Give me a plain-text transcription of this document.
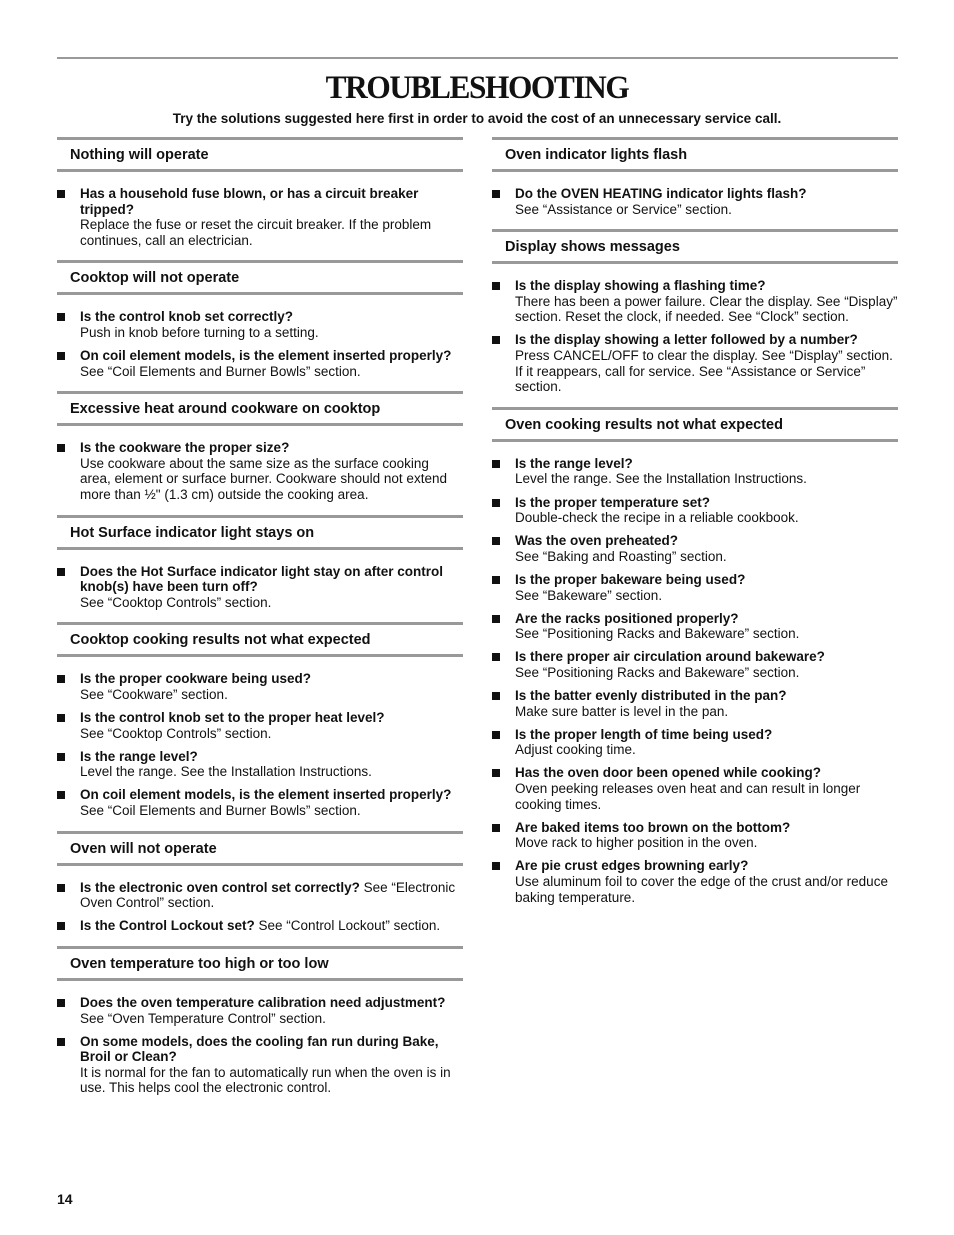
TROUBLESHOOTING

Try the solutions suggested here first in order to avoid the cost of an unnecessary service call.

Nothing will operate
Has a household fuse blown, or has a circuit breaker tripped?
Replace the fuse or reset the circuit breaker. If the problem continues, call an electrician.
Cooktop will not operate
Is the control knob set correctly?
Push in knob before turning to a setting.
On coil element models, is the element inserted properly?
See “Coil Elements and Burner Bowls” section.
Excessive heat around cookware on cooktop
Is the cookware the proper size?
Use cookware about the same size as the surface cooking area, element or surface burner. Cookware should not extend more than ½" (1.3 cm) outside the cooking area.
Hot Surface indicator light stays on
Does the Hot Surface indicator light stay on after control knob(s) have been turn off?
See “Cooktop Controls” section.
Cooktop cooking results not what expected
Is the proper cookware being used?
See “Cookware” section.
Is the control knob set to the proper heat level?
See “Cooktop Controls” section.
Is the range level?
Level the range. See the Installation Instructions.
On coil element models, is the element inserted properly?
See “Coil Elements and Burner Bowls” section.
Oven will not operate
Is the electronic oven control set correctly? See “Electronic Oven Control” section.
Is the Control Lockout set? See “Control Lockout” section.
Oven temperature too high or too low
Does the oven temperature calibration need adjustment?
See “Oven Temperature Control” section.
On some models, does the cooling fan run during Bake, Broil or Clean?
It is normal for the fan to automatically run when the oven is in use. This helps cool the electronic control.
Oven indicator lights flash
Do the OVEN HEATING indicator lights flash?
See “Assistance or Service” section.
Display shows messages
Is the display showing a flashing time?
There has been a power failure. Clear the display. See “Display” section. Reset the clock, if needed. See “Clock” section.
Is the display showing a letter followed by a number?
Press CANCEL/OFF to clear the display. See “Display” section. If it reappears, call for service. See “Assistance or Service” section.
Oven cooking results not what expected
Is the range level?
Level the range. See the Installation Instructions.
Is the proper temperature set?
Double-check the recipe in a reliable cookbook.
Was the oven preheated?
See “Baking and Roasting” section.
Is the proper bakeware being used?
See “Bakeware” section.
Are the racks positioned properly?
See “Positioning Racks and Bakeware” section.
Is there proper air circulation around bakeware?
See “Positioning Racks and Bakeware” section.
Is the batter evenly distributed in the pan?
Make sure batter is level in the pan.
Is the proper length of time being used?
Adjust cooking time.
Has the oven door been opened while cooking?
Oven peeking releases oven heat and can result in longer cooking times.
Are baked items too brown on the bottom?
Move rack to higher position in the oven.
Are pie crust edges browning early?
Use aluminum foil to cover the edge of the crust and/or reduce baking temperature.
14
